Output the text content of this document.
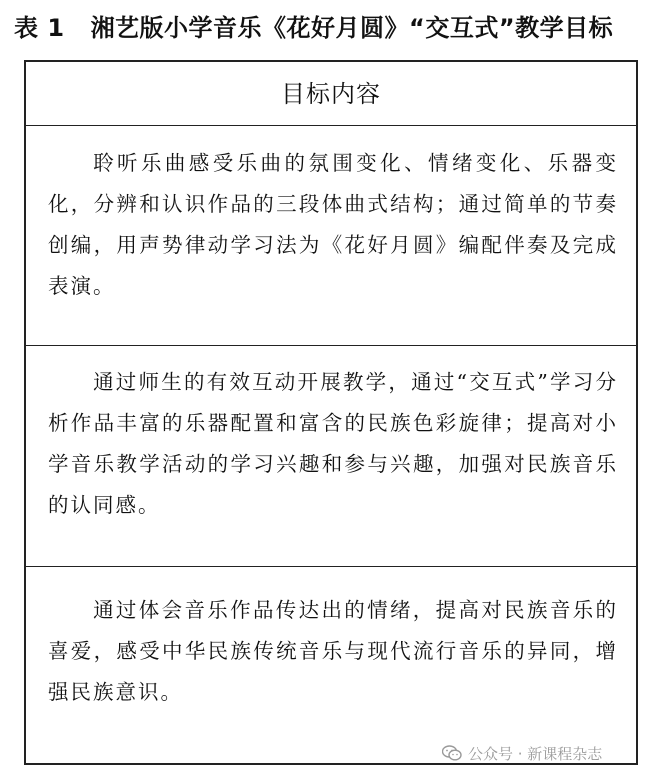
表 1 湘艺版小学音乐《花好月圆》“交互式”教学目标
目标内容
聆听乐曲感受乐曲的氛围变化、情绪变化、乐器变化，分辨和认识作品的三段体曲式结构；通过简单的节奏创编，用声势律动学习法为《花好月圆》编配伴奏及完成表演。
通过师生的有效互动开展教学，通过“交互式”学习分析作品丰富的乐器配置和富含的民族色彩旋律；提高对小学音乐教学活动的学习兴趣和参与兴趣，加强对民族音乐的认同感。
通过体会音乐作品传达出的情绪，提高对民族音乐的喜爱，感受中华民族传统音乐与现代流行音乐的异同，增强民族意识。
公众号 · 新课程杂志
